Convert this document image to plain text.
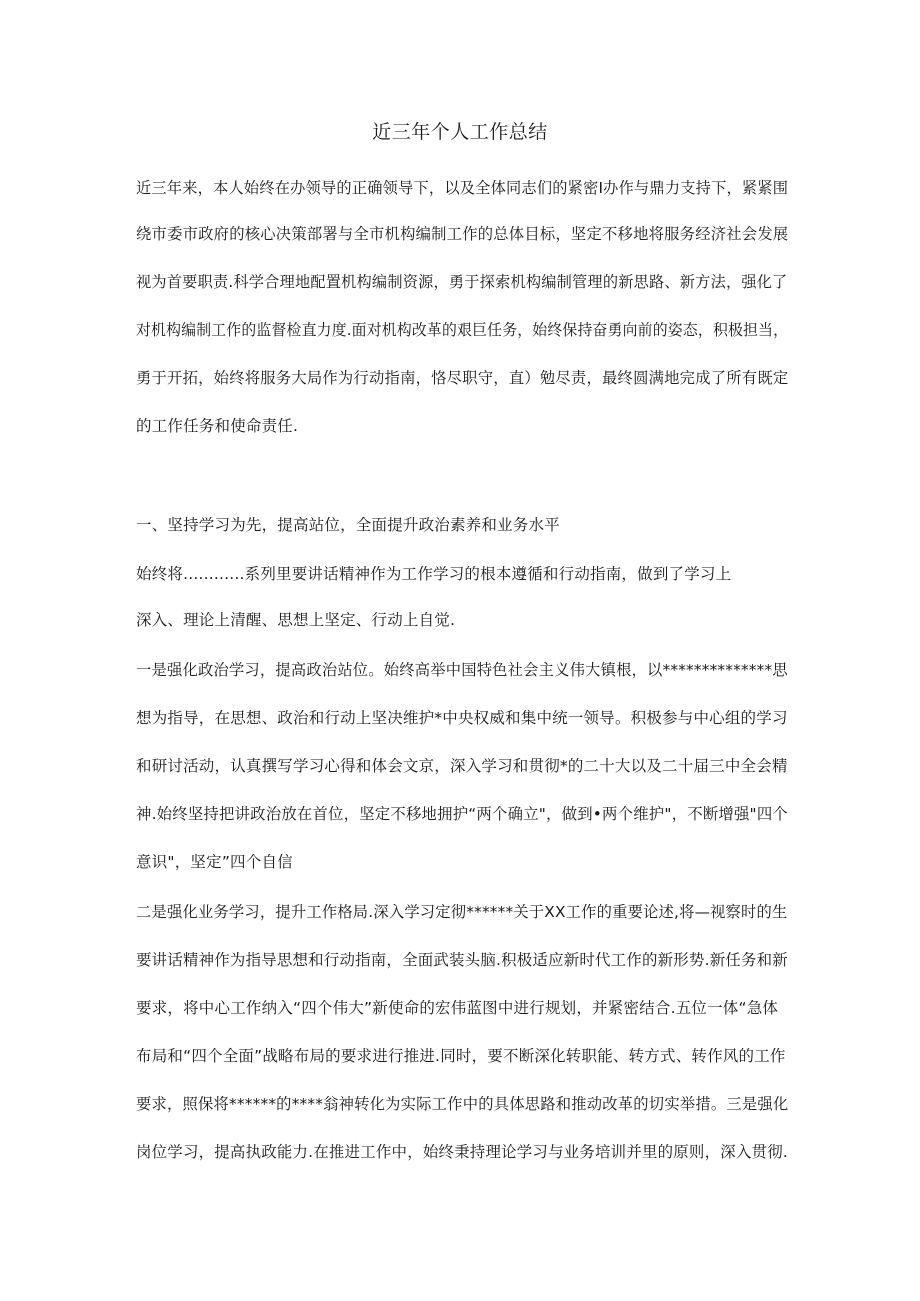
近三年个人工作总结
近三年来，本人始终在办领导的正确领导下，以及全体同志们的紧密I办作与鼎力支持下，紧紧围
绕市委市政府的核心决策部署与全市机构编制工作的总体目标，坚定不移地将服务经济社会发展
视为首要职责.科学合理地配置机构编制资源，勇于探索机构编制管理的新思路、新方法，强化了
对机构编制工作的监督检直力度.面对机构改革的艰巨任务，始终保持奋勇向前的姿态，积极担当，
勇于开拓，始终将服务大局作为行动指南，恪尽职守，直）勉尽责，最终圆满地完成了所有既定
的工作任务和使命责任.
一、坚持学习为先，提高站位，全面提升政治素养和业务水平
始终将............系列里要讲话精神作为工作学习的根本遵循和行动指南，做到了学习上
深入、理论上清醒、思想上坚定、行动上自觉.
一是强化政治学习，提高政治站位。始终高举中国特色社会主义伟大镇根，以**************思
想为指导，在思想、政治和行动上坚决维护*中央权威和集中统一领导。积极参与中心组的学习
和研讨活动，认真撰写学习心得和体会文京，深入学习和贯彻*的二十大以及二十届三中全会精
神.始终坚持把讲政治放在首位，坚定不移地拥护“两个确立"，做到•两个维护"，不断增强"四个
意识"，坚定”四个自信
二是强化业务学习，提升工作格局.深入学习定彻******关于XX工作的重要论述,将—视察时的生
要讲话精神作为指导思想和行动指南，全面武装头脑.积极适应新时代工作的新形势.新任务和新
要求，将中心工作纳入“四个伟大”新使命的宏伟蓝图中进行规划，并紧密结合.五位一体“急体
布局和“四个全面”战略布局的要求进行推进.同时，要不断深化转职能、转方式、转作风的工作
要求，照保将******的****翁神转化为实际工作中的具体思路和推动改革的切实举措。三是强化
岗位学习，提高执政能力.在推进工作中，始终秉持理论学习与业务培训并里的原则，深入贯彻.
